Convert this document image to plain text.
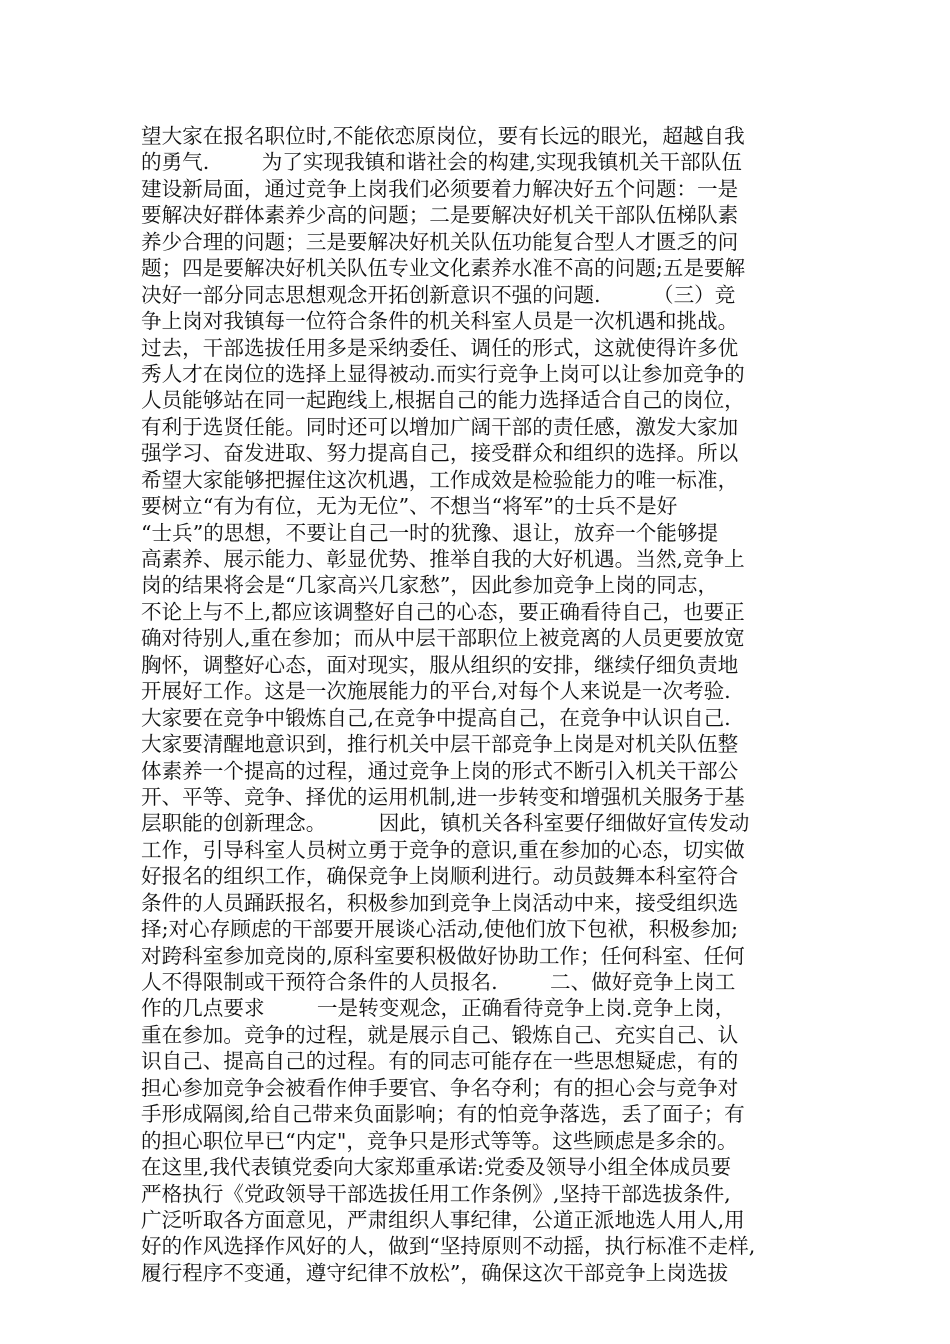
望大家在报名职位时,不能依恋原岗位，要有长远的眼光，超越自我
的勇气.        为了实现我镇和谐社会的构建,实现我镇机关干部队伍
建设新局面，通过竞争上岗我们必须要着力解决好五个问题：一是
要解决好群体素养少高的问题；二是要解决好机关干部队伍梯队素
养少合理的问题；三是要解决好机关队伍功能复合型人才匮乏的问
题；四是要解决好机关队伍专业文化素养水准不高的问题;五是要解
决好一部分同志思想观念开拓创新意识不强的问题.        （三）竞
争上岗对我镇每一位符合条件的机关科室人员是一次机遇和挑战。
过去，干部选拔任用多是采纳委任、调任的形式，这就使得许多优
秀人才在岗位的选择上显得被动.而实行竞争上岗可以让参加竞争的
人员能够站在同一起跑线上,根据自己的能力选择适合自己的岗位，
有利于选贤任能。同时还可以增加广阔干部的责任感，激发大家加
强学习、奋发进取、努力提高自己，接受群众和组织的选择。所以
希望大家能够把握住这次机遇，工作成效是检验能力的唯一标准，
要树立“有为有位，无为无位”、不想当“将军”的士兵不是好
“士兵”的思想，不要让自己一时的犹豫、退让，放弃一个能够提
高素养、展示能力、彰显优势、推举自我的大好机遇。当然,竞争上
岗的结果将会是“几家高兴几家愁”，因此参加竞争上岗的同志，
不论上与不上,都应该调整好自己的心态，要正确看待自己，也要正
确对待别人,重在参加；而从中层干部职位上被竞离的人员更要放宽
胸怀，调整好心态，面对现实，服从组织的安排，继续仔细负责地
开展好工作。这是一次施展能力的平台,对每个人来说是一次考验.
大家要在竞争中锻炼自己,在竞争中提高自己，在竞争中认识自己.
大家要清醒地意识到，推行机关中层干部竞争上岗是对机关队伍整
体素养一个提高的过程，通过竞争上岗的形式不断引入机关干部公
开、平等、竞争、择优的运用机制,进一步转变和增强机关服务于基
层职能的创新理念。        因此，镇机关各科室要仔细做好宣传发动
工作，引导科室人员树立勇于竞争的意识,重在参加的心态，切实做
好报名的组织工作，确保竞争上岗顺利进行。动员鼓舞本科室符合
条件的人员踊跃报名，积极参加到竞争上岗活动中来，接受组织选
择;对心存顾虑的干部要开展谈心活动,使他们放下包袱，积极参加;
对跨科室参加竞岗的,原科室要积极做好协助工作；任何科室、任何
人不得限制或干预符合条件的人员报名.        二、做好竞争上岗工
作的几点要求        一是转变观念，正确看待竞争上岗.竞争上岗，
重在参加。竞争的过程，就是展示自己、锻炼自己、充实自己、认
识自己、提高自己的过程。有的同志可能存在一些思想疑虑，有的
担心参加竞争会被看作伸手要官、争名夺利；有的担心会与竞争对
手形成隔阂,给自己带来负面影响；有的怕竞争落选，丢了面子；有
的担心职位早已“内定"，竞争只是形式等等。这些顾虑是多余的。
在这里,我代表镇党委向大家郑重承诺:党委及领导小组全体成员要
严格执行《党政领导干部选拔任用工作条例》,坚持干部选拔条件,
广泛听取各方面意见，严肃组织人事纪律，公道正派地选人用人,用
好的作风选择作风好的人，做到“坚持原则不动摇，执行标准不走样,
履行程序不变通，遵守纪律不放松”，确保这次干部竞争上岗选拔
